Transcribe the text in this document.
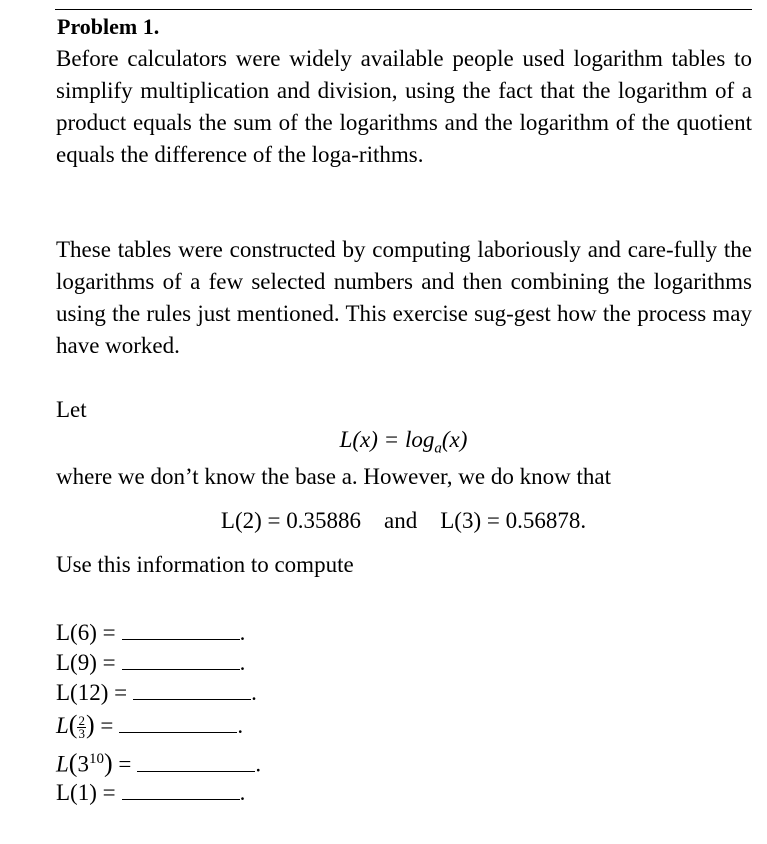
Problem 1.
Before calculators were widely available people used logarithm tables to simplify multiplication and division, using the fact that the logarithm of a product equals the sum of the logarithms and the logarithm of the quotient equals the difference of the loga-rithms.
These tables were constructed by computing laboriously and care-fully the logarithms of a few selected numbers and then combining the logarithms using the rules just mentioned. This exercise sug-gest how the process may have worked.
Let
$L(x) = \log_a(x)$
where we don’t know the base a. However, we do know that
L(2) = 0.35886 and L(3) = 0.56878.
Use this information to compute
L(6) =	.
L(9) =	.
L(12) =	.
$L( \frac{2}{3}$ ) =	.
$L(3^{10})$ =	.
L(1) =	.
